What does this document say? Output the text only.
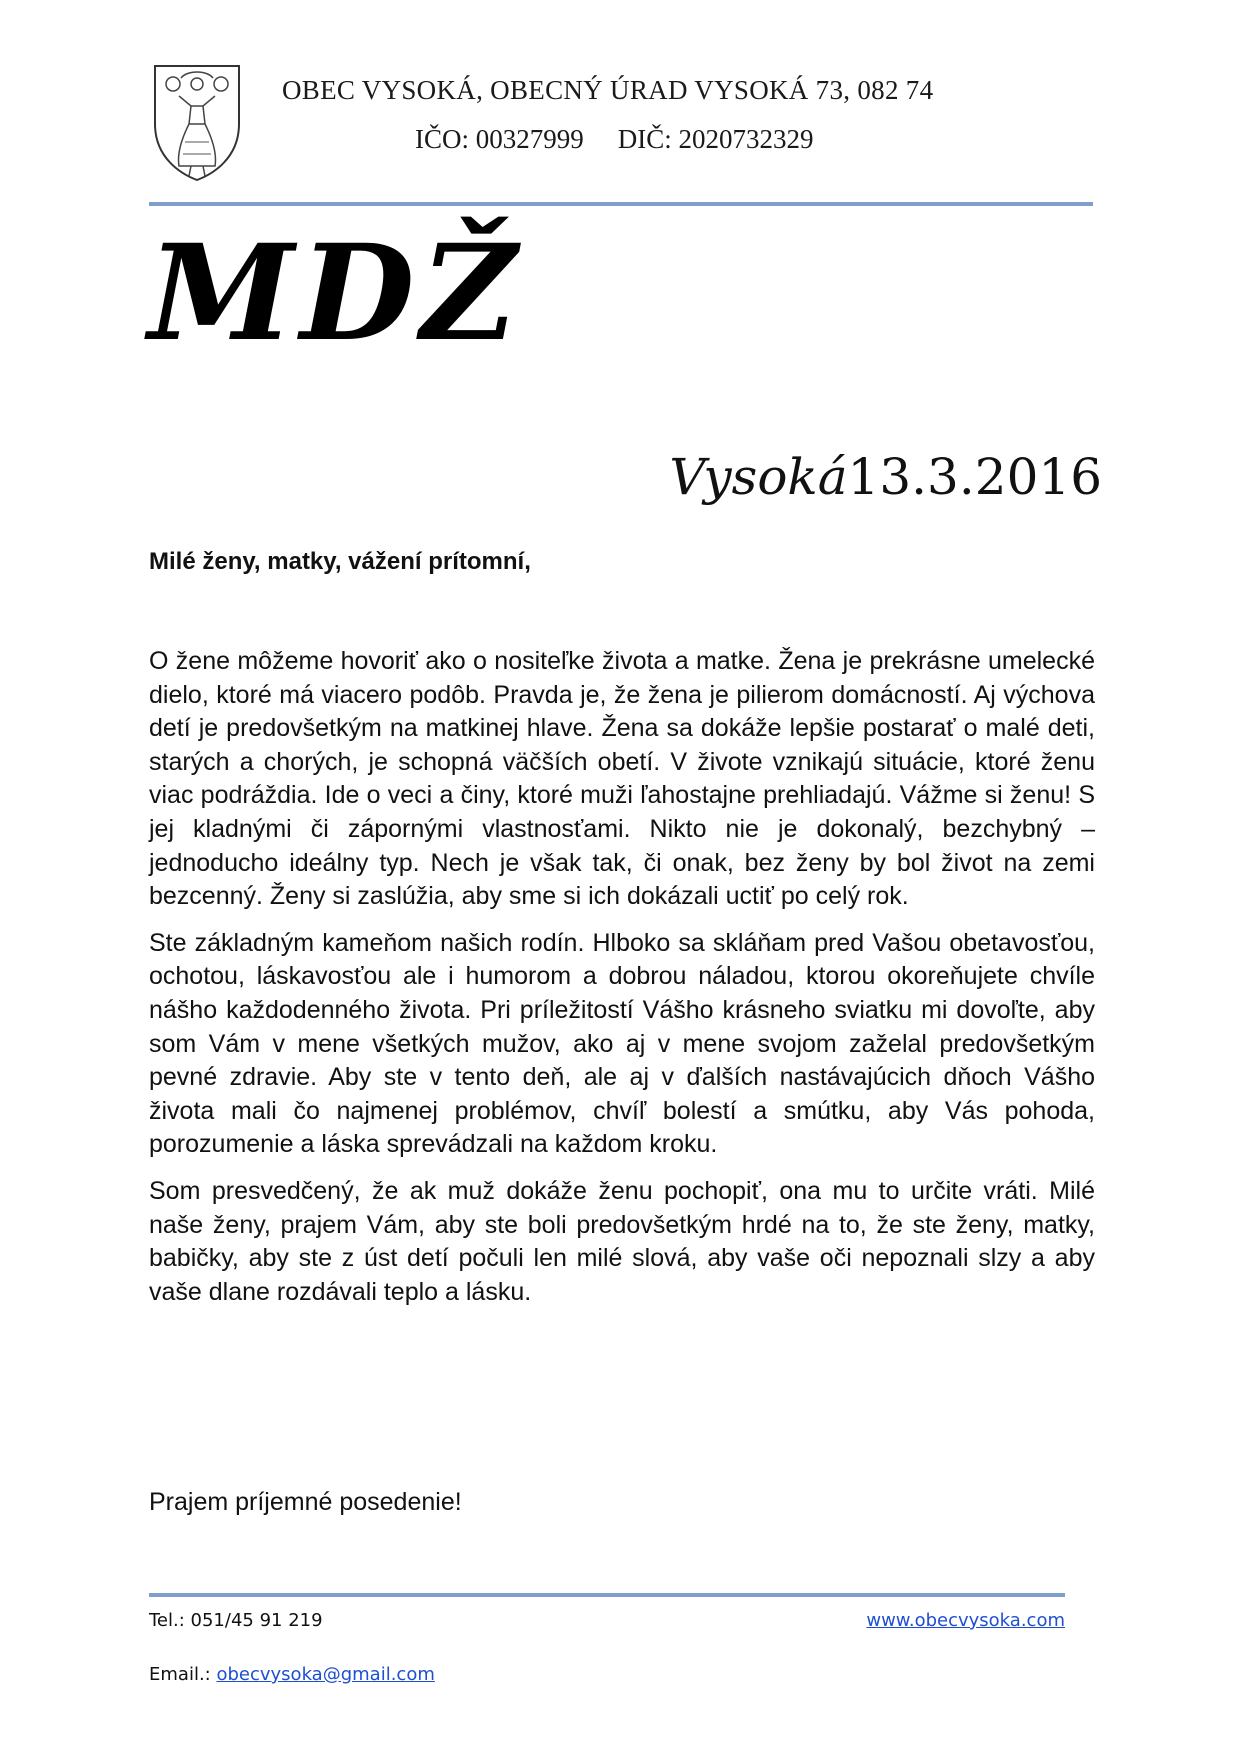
OBEC VYSOKÁ, OBECNÝ ÚRAD VYSOKÁ 73, 082 74
IČO: 00327999 DIČ: 2020732329
MDŽ
Vysoká13.3.2016
Milé ženy, matky, vážení prítomní,

O žene môžeme hovoriť ako o nositeľke života a matke. Žena je prekrásne umelecké dielo, ktoré má viacero podôb. Pravda je, že žena je pilierom domácností. Aj výchova detí je predovšetkým na matkinej hlave. Žena sa dokáže lepšie postarať o malé deti, starých a chorých, je schopná väčších obetí. V živote vznikajú situácie, ktoré ženu viac podráždia. Ide o veci a činy, ktoré muži ľahostajne prehliadajú. Vážme si ženu! S jej kladnými či zápornými vlastnosťami. Nikto nie je dokonalý, bezchybný – jednoducho ideálny typ. Nech je však tak, či onak, bez ženy by bol život na zemi bezcenný. Ženy si zaslúžia, aby sme si ich dokázali uctiť po celý rok.

Ste základným kameňom našich rodín. Hlboko sa skláňam pred Vašou obetavosťou, ochotou, láskavosťou ale i humorom a dobrou náladou, ktorou okoreňujete chvíle nášho každodenného života. Pri príležitostí Vášho krásneho sviatku mi dovoľte, aby som Vám v mene všetkých mužov, ako aj v mene svojom zaželal predovšetkým pevné zdravie. Aby ste v tento deň, ale aj v ďalších nastávajúcich dňoch Vášho života mali čo najmenej problémov, chvíľ bolestí a smútku, aby Vás pohoda, porozumenie a láska sprevádzali na každom kroku.

Som presvedčený, že ak muž dokáže ženu pochopiť, ona mu to určite vráti. Milé naše ženy, prajem Vám, aby ste boli predovšetkým hrdé na to, že ste ženy, matky, babičky, aby ste z úst detí počuli len milé slová, aby vaše oči nepoznali slzy a aby vaše dlane rozdávali teplo a lásku.

Prajem príjemné posedenie!
Tel.: 051/45 91 219	www.obecvysoka.com
Email.: obecvysoka@gmail.com
